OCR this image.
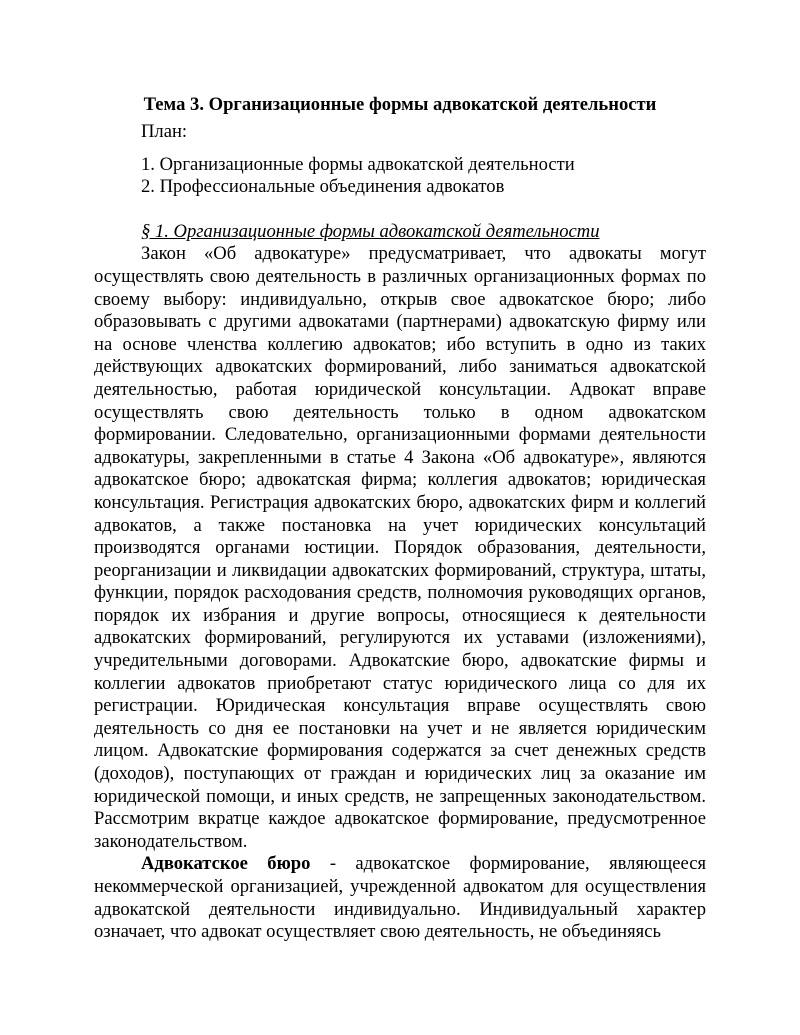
Тема 3. Организационные формы адвокатской деятельности

План:

1. Организационные формы адвокатской деятельности
2. Профессиональные объединения адвокатов

§ 1. Организационные формы адвокатской деятельности

Закон «Об адвокатуре» предусматривает, что адвокаты могут осуществлять свою деятельность в различных организационных формах по своему выбору: индивидуально, открыв свое адвокатское бюро; либо образовывать с другими адвокатами (партнерами) адвокатскую фирму или на основе членства коллегию адвокатов; ибо вступить в одно из таких действующих адвокатских формирований, либо заниматься адвокатской деятельностью, работая юридической консультации. Адвокат вправе осуществлять свою деятельность только в одном адвокатском формировании. Следовательно, организационными формами деятельности адвокатуры, закрепленными в статье 4 Закона «Об адвокатуре», являются адвокатское бюро; адвокатская фирма; коллегия адвокатов; юридическая консультация. Регистрация адвокатских бюро, адвокатских фирм и коллегий адвокатов, а также постановка на учет юридических консультаций производятся органами юстиции. Порядок образования, деятельности, реорганизации и ликвидации адвокатских формирований, структура, штаты, функции, порядок расходования средств, полномочия руководящих органов, порядок их избрания и другие вопросы, относящиеся к деятельности адвокатских формирований, регулируются их уставами (изложениями), учредительными договорами. Адвокатские бюро, адвокатские фирмы и коллегии адвокатов приобретают статус юридического лица со для их регистрации. Юридическая консультация вправе осуществлять свою деятельность со дня ее постановки на учет и не является юридическим лицом. Адвокатские формирования содержатся за счет денежных средств (доходов), поступающих от граждан и юридических лиц за оказание им юридической помощи, и иных средств, не запрещенных законодательством. Рассмотрим вкратце каждое адвокатское формирование, предусмотренное законодательством.

Адвокатское бюро - адвокатское формирование, являющееся некоммерческой организацией, учрежденной адвокатом для осуществления адвокатской деятельности индивидуально. Индивидуальный характер означает, что адвокат осуществляет свою деятельность, не объединяясь
